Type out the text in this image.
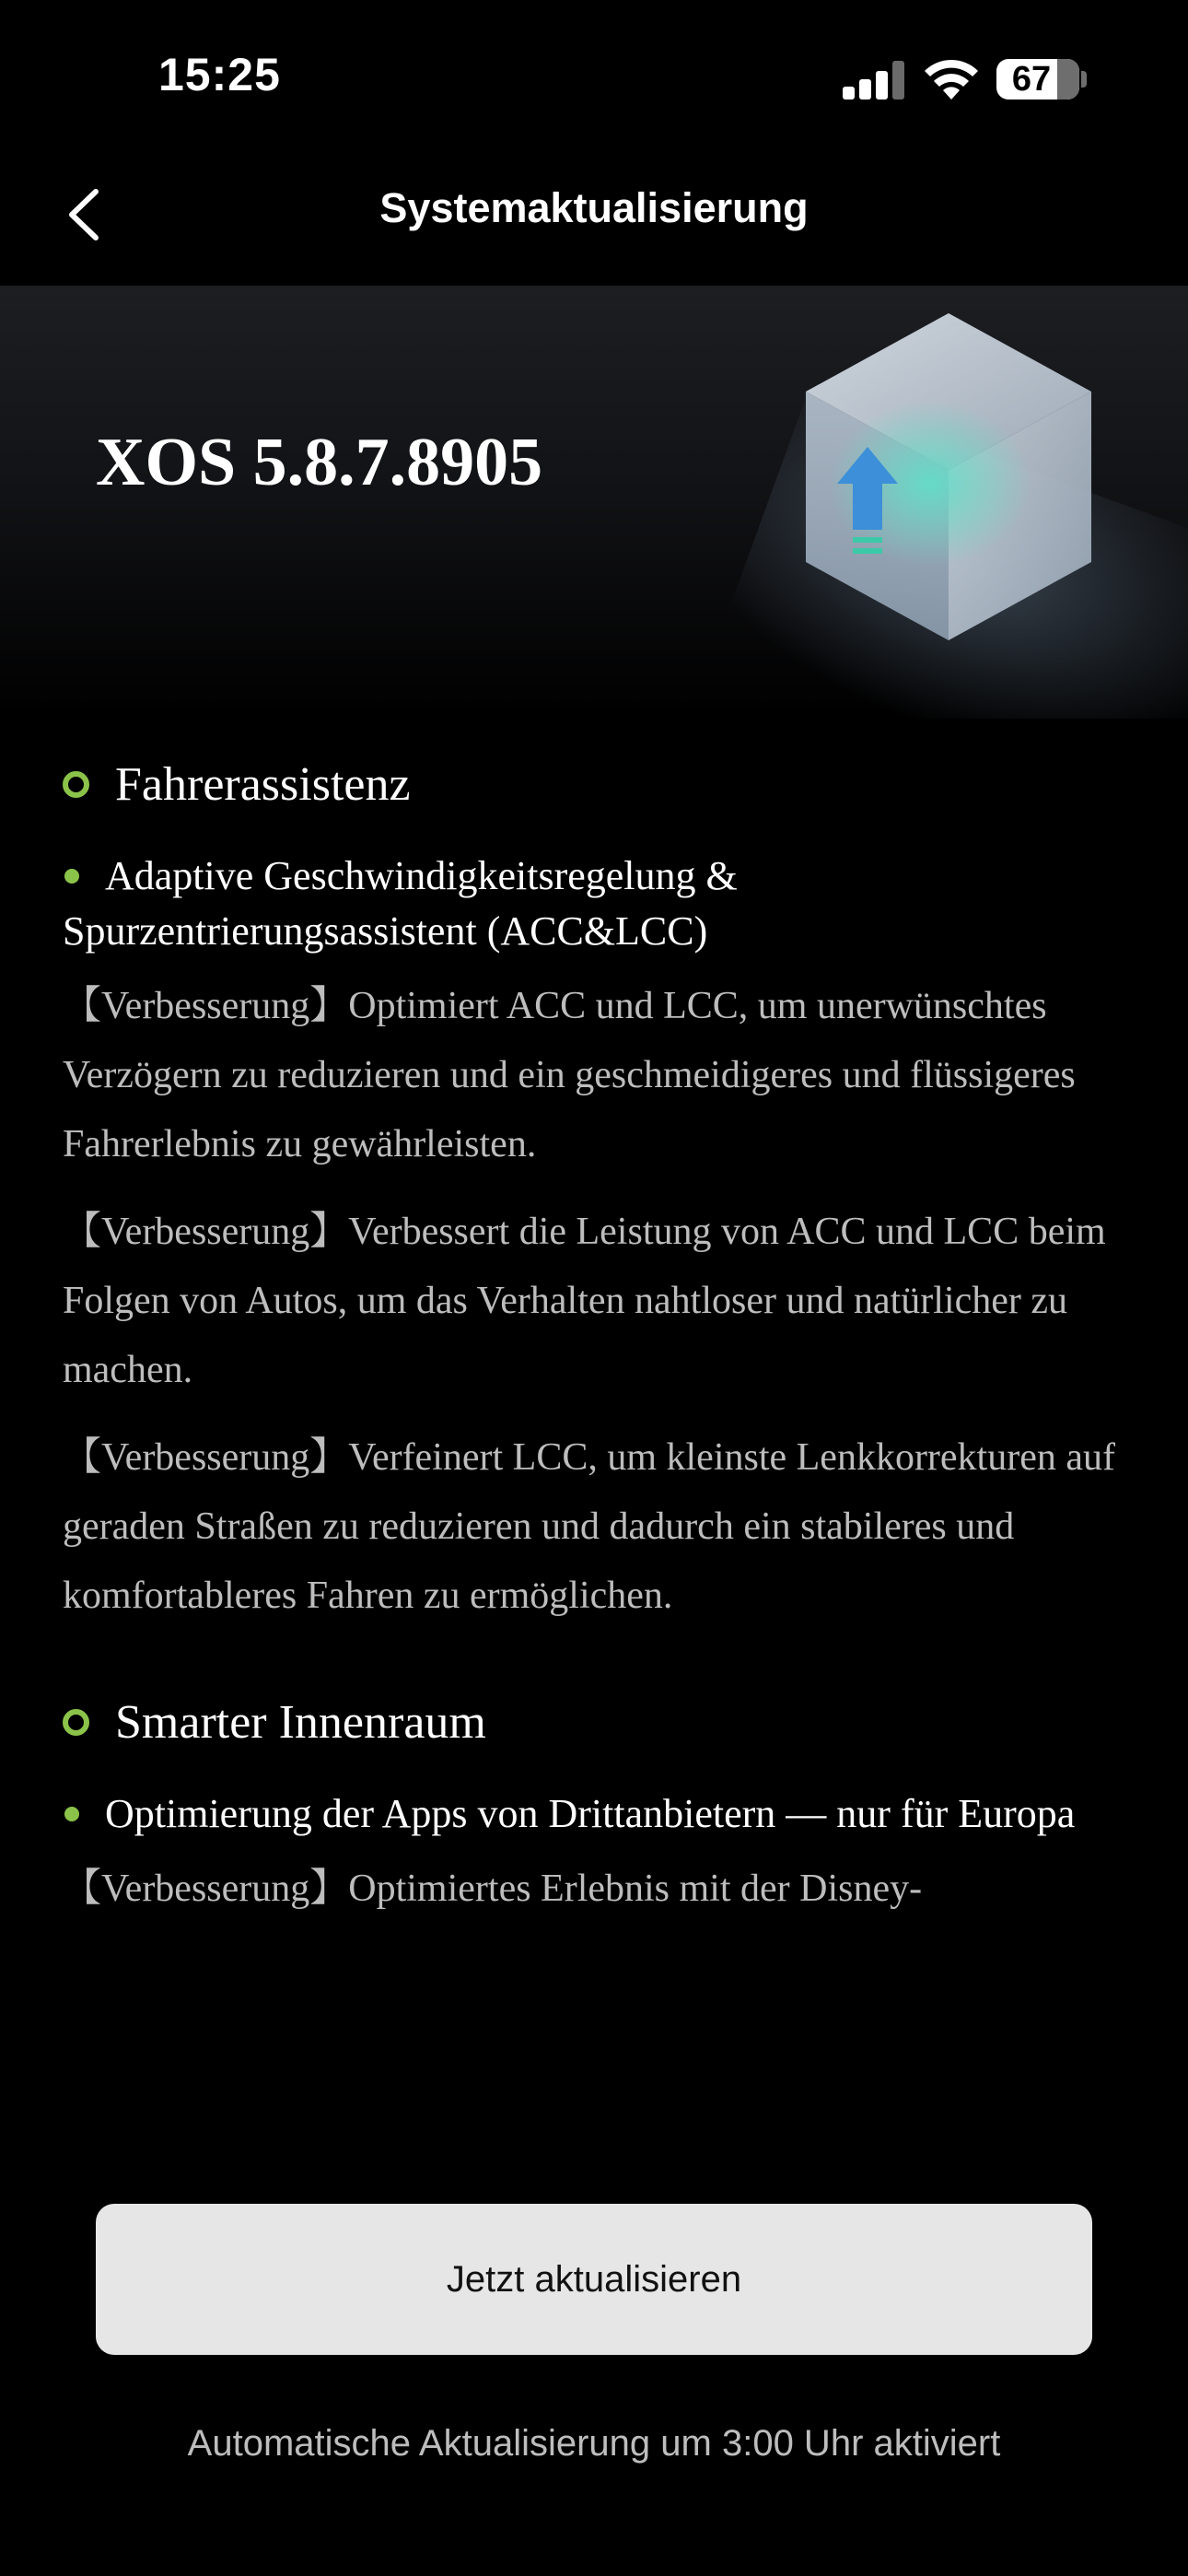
15:25	67
Systemaktualisierung
XOS 5.8.7.8905
Fahrerassistenz
Adaptive Geschwindigkeitsregelung & Spurzentrierungsassistent (ACC&LCC)
【Verbesserung】Optimiert ACC und LCC, um unerwünschtes Verzögern zu reduzieren und ein geschmeidigeres und flüssigeres Fahrerlebnis zu gewährleisten.
【Verbesserung】Verbessert die Leistung von ACC und LCC beim Folgen von Autos, um das Verhalten nahtloser und natürlicher zu machen.
【Verbesserung】Verfeinert LCC, um kleinste Lenkkorrekturen auf geraden Straßen zu reduzieren und dadurch ein stabileres und komfortableres Fahren zu ermöglichen.
Smarter Innenraum
Optimierung der Apps von Drittanbietern — nur für Europa
【Verbesserung】Optimiertes Erlebnis mit der Disney-
Jetzt aktualisieren
Automatische Aktualisierung um 3:00 Uhr aktiviert
